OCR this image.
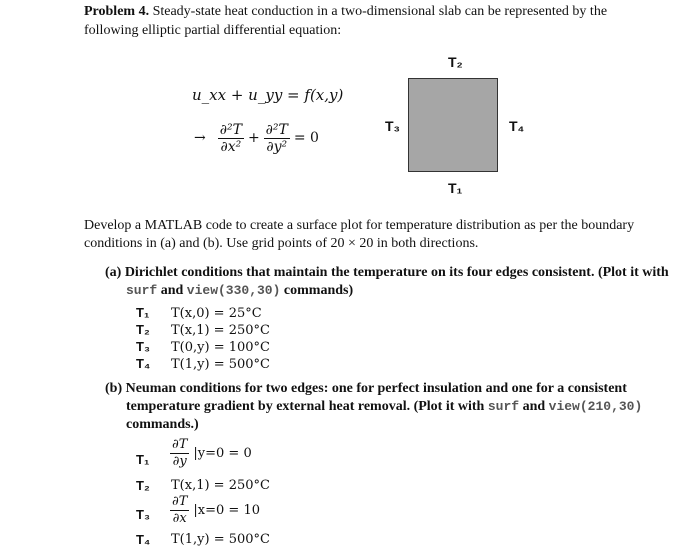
Problem 4. Steady-state heat conduction in a two-dimensional slab can be represented by the
following elliptic partial differential equation:
u_xx + u_yy = f(x,y)
→ $\frac{\text{∂²T}}{\text{∂x²}} + \frac{\text{∂²T}}{\text{∂y²}} = 0$
T₂
T₃	T₄
T₁
Develop a MATLAB code to create a surface plot for temperature distribution as per the boundary
conditions in (a) and (b). Use grid points of 20 × 20 in both directions.
(a) Dirichlet conditions that maintain the temperature on its four edges consistent. (Plot it with
surf and view(330,30) commands)
T₁ T(x,0) = 25°C
T₂ T(x,1) = 250°C
T₃ T(0,y) = 100°C
T₄ T(1,y) = 500°C
(b) Neuman conditions for two edges: one for perfect insulation and one for a consistent
temperature gradient by external heat removal. (Plot it with surf and view(210,30)
commands.)
$T_1 \frac{\partial T}{\partial y} |y=0 = 0$
T₂ T(x,1) = 250°C
$T_3 \frac{\partial T}{\partial x} |x=0 = 10$
T₄ T(1,y) = 500°C
